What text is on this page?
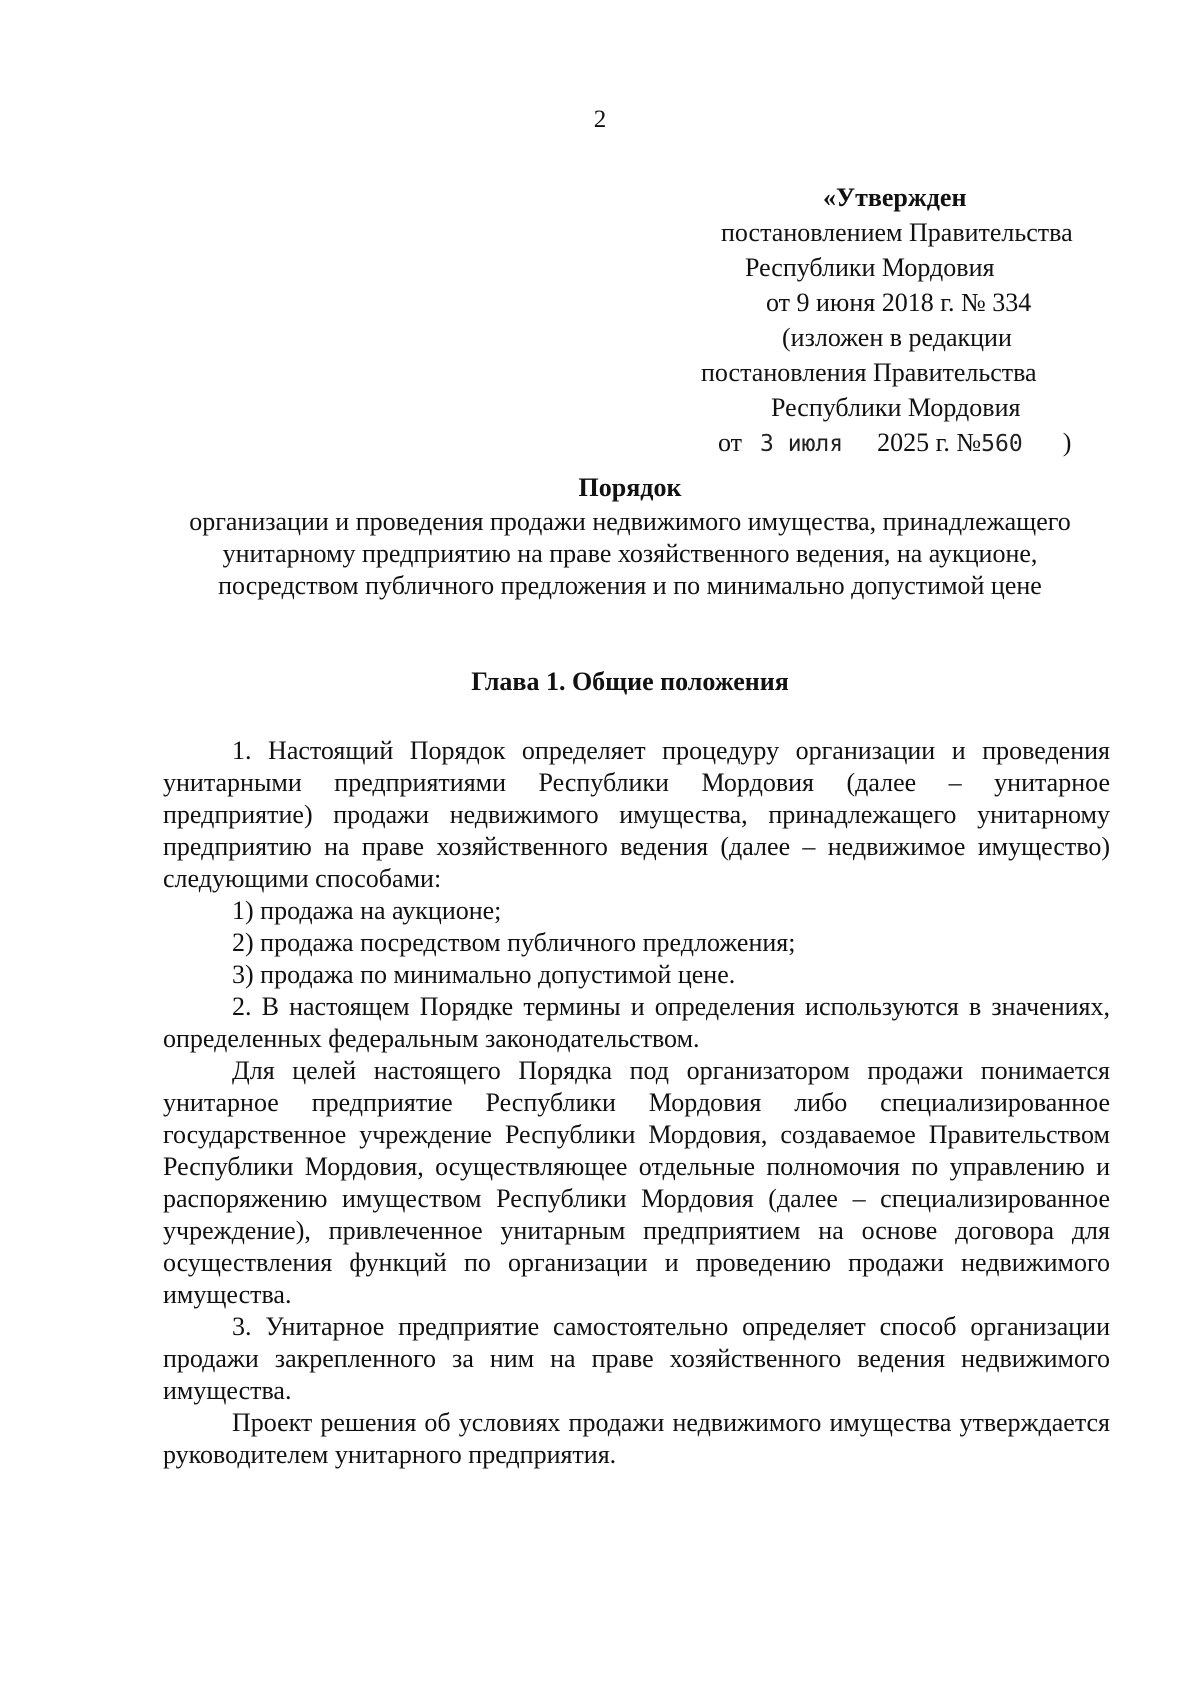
2
«Утвержден
постановлением Правительства
Республики Мордовия
от 9 июня 2018 г. № 334
(изложен в редакции
постановления Правительства
Республики Мордовия
от 3 июля 2025 г. №560 )
Порядок
организации и проведения продажи недвижимого имущества, принадлежащего унитарному предприятию на праве хозяйственного ведения, на аукционе, посредством публичного предложения и по минимально допустимой цене
Глава 1. Общие положения

1. Настоящий Порядок определяет процедуру организации и проведения унитарными предприятиями Республики Мордовия (далее – унитарное предприятие) продажи недвижимого имущества, принадлежащего унитарному предприятию на праве хозяйственного ведения (далее – недвижимое имущество) следующими способами:

1) продажа на аукционе;

2) продажа посредством публичного предложения;

3) продажа по минимально допустимой цене.

2. В настоящем Порядке термины и определения используются в значениях, определенных федеральным законодательством.

Для целей настоящего Порядка под организатором продажи понимается унитарное предприятие Республики Мордовия либо специализированное государственное учреждение Республики Мордовия, создаваемое Правительством Республики Мордовия, осуществляющее отдельные полномочия по управлению и распоряжению имуществом Республики Мордовия (далее – специализированное учреждение), привлеченное унитарным предприятием на основе договора для осуществления функций по организации и проведению продажи недвижимого имущества.

3. Унитарное предприятие самостоятельно определяет способ организации продажи закрепленного за ним на праве хозяйственного ведения недвижимого имущества.

Проект решения об условиях продажи недвижимого имущества утверждается руководителем унитарного предприятия.
